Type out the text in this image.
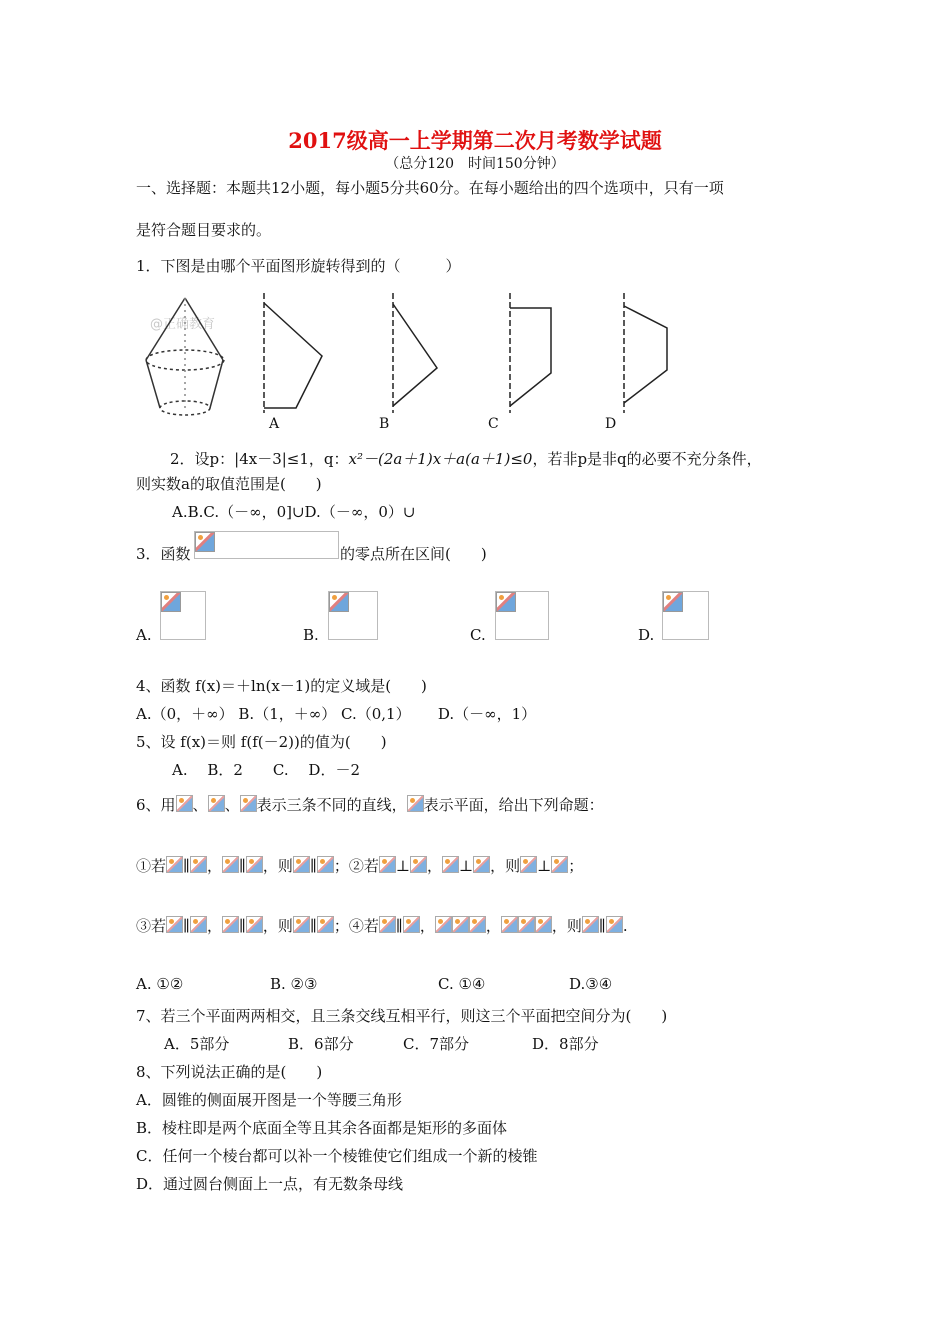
2017级高一上学期第二次月考数学试题
（总分120　时间150分钟）
一、选择题：本题共12小题，每小题5分共60分。在每小题给出的四个选项中，只有一项
是符合题目要求的。
1．下图是由哪个平面图形旋转得到的（　　　）
@正确教育
A	B	C	D
2．设p：|4x－3|≤1，q：x²－(2a＋1)x＋a(a＋1)≤0，若非p是非q的必要不充分条件，
则实数a的取值范围是(　　)
A.B.C.（－∞，0]∪D.（－∞，0）∪
3．函数	的零点所在区间(　　)
A.	B.	C.	D.
4、函数 f(x)＝＋ln(x－1)的定义域是(　　)
A.（0，＋∞） B.（1，＋∞） C.（0,1）　　 D.（－∞，1）
5、设 f(x)＝则 f(f(－2))的值为(　　)
A.　 B．2　　C.　 D．－2
6、用 、 、 表示三条不同的直线， 表示平面，给出下列命题：
①若 ∥ ， ∥ ，则 ∥ ；②若 ⊥ ， ⊥ ，则 ⊥ ；
③若 ∥ ， ∥ ，则 ∥ ；④若 ∥ ，	，	，则 ∥ .
A. ①②	B. ②③	C. ①④	D.③④
7、若三个平面两两相交，且三条交线互相平行，则这三个平面把空间分为(　　)
A．5部分	B．6部分	C．7部分	D．8部分
8、下列说法正确的是(　　)
A．圆锥的侧面展开图是一个等腰三角形
B．棱柱即是两个底面全等且其余各面都是矩形的多面体
C．任何一个棱台都可以补一个棱锥使它们组成一个新的棱锥
D．通过圆台侧面上一点，有无数条母线
